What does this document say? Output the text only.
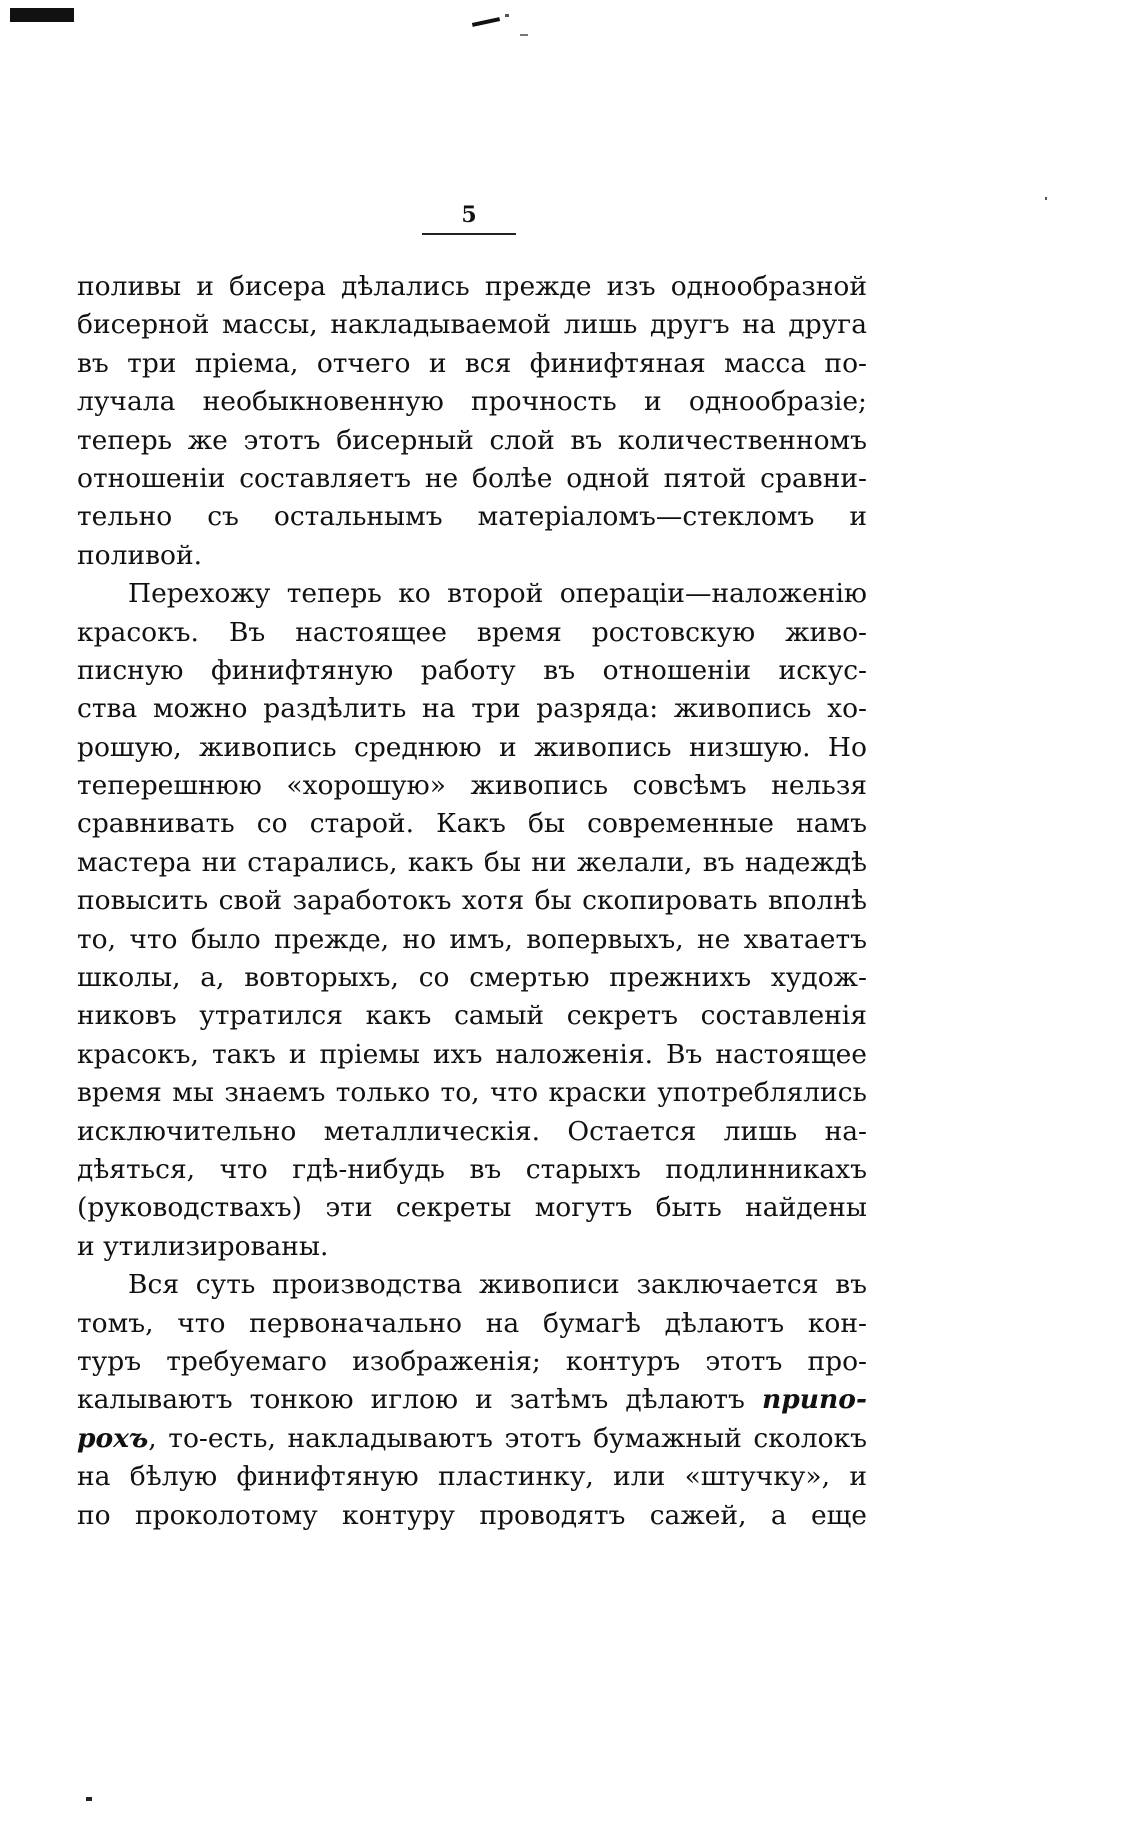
5

поливы и бисера дѣлались прежде изъ однообразной
бисерной массы, накладываемой лишь другъ на друга
въ три пріема, отчего и вся финифтяная масса по-
лучала необыкновенную прочность и однообразіе;
теперь же этотъ бисерный слой въ количественномъ
отношеніи составляетъ не болѣе одной пятой сравни-
тельно съ остальнымъ матеріаломъ—стекломъ и
поливой.

Перехожу теперь ко второй операціи—наложенію
красокъ. Въ настоящее время ростовскую живо-
писную финифтяную работу въ отношеніи искус-
ства можно раздѣлить на три разряда: живопись хо-
рошую, живопись среднюю и живопись низшую. Но
теперешнюю «хорошую» живопись совсѣмъ нельзя
сравнивать со старой. Какъ бы современные намъ
мастера ни старались, какъ бы ни желали, въ надеждѣ
повысить свой заработокъ хотя бы скопировать вполнѣ
то, что было прежде, но имъ, вопервыхъ, не хватаетъ
школы, а, вовторыхъ, со смертью прежнихъ худож-
никовъ утратился какъ самый секретъ составленія
красокъ, такъ и пріемы ихъ наложенія. Въ настоящее
время мы знаемъ только то, что краски употреблялись
исключительно металлическія. Остается лишь на-
дѣяться, что гдѣ-нибудь въ старыхъ подлинникахъ
(руководствахъ) эти секреты могутъ быть найдены
и утилизированы.

Вся суть производства живописи заключается въ
томъ, что первоначально на бумагѣ дѣлаютъ кон-
туръ требуемаго изображенія; контуръ этотъ про-
калываютъ тонкою иглою и затѣмъ дѣлаютъ припо-
рохъ, то-есть, накладываютъ этотъ бумажный сколокъ
на бѣлую финифтяную пластинку, или «штучку», и
по проколотому контуру проводятъ сажей, а еще
